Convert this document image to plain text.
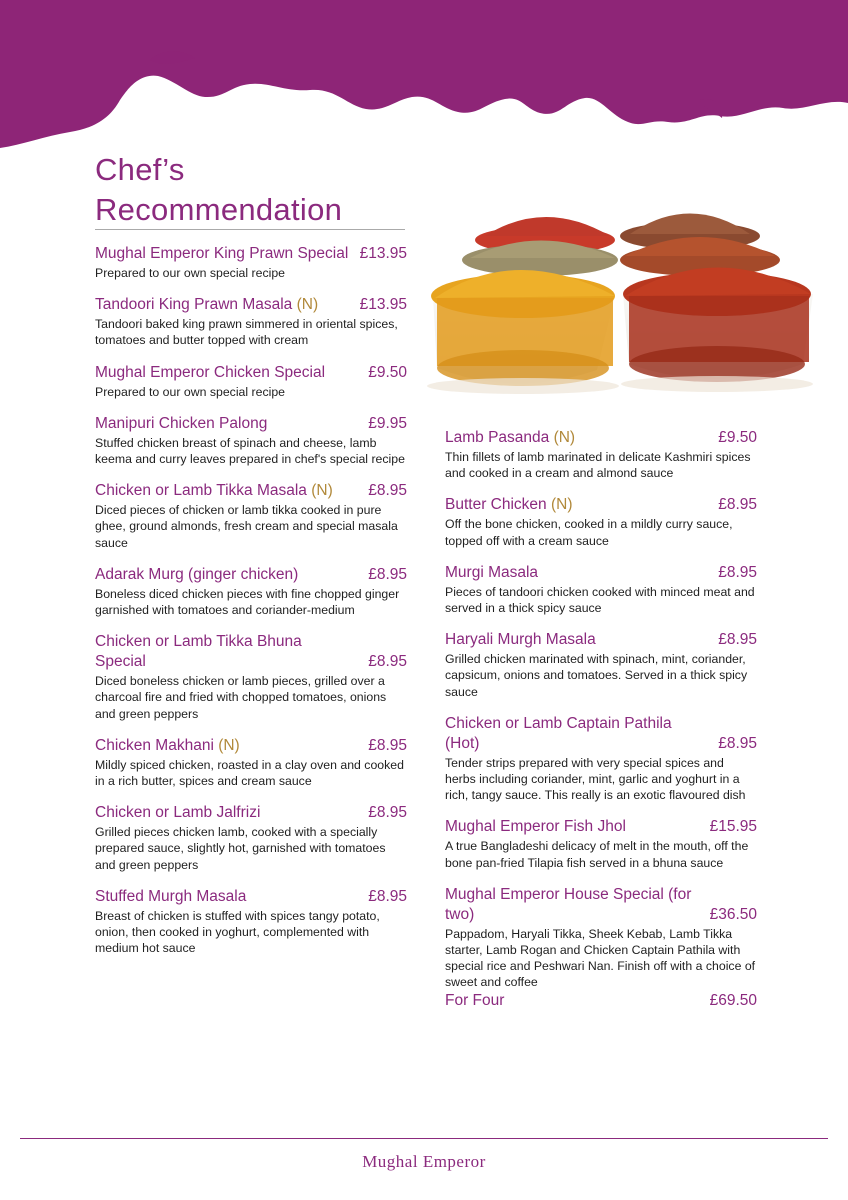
Chef’s
Recommendation
Mughal Emperor King Prawn Special
Prepared to our own special recipe
£13.95
Tandoori King Prawn Masala (N)
Tandoori baked king prawn simmered in oriental spices, tomatoes and butter topped with cream
£13.95
Mughal Emperor Chicken Special
Prepared to our own special recipe
£9.50
Manipuri Chicken Palong
Stuffed chicken breast of spinach and cheese, lamb keema and curry leaves prepared in chef's special recipe
£9.95
Chicken or Lamb Tikka Masala (N)
Diced pieces of chicken or lamb tikka cooked in pure ghee, ground almonds, fresh cream and special masala sauce
£8.95
Adarak Murg (ginger chicken)
Boneless diced chicken pieces with fine chopped ginger garnished with tomatoes and coriander-medium
£8.95
Chicken or Lamb Tikka Bhuna Special
Diced boneless chicken or lamb pieces, grilled over a charcoal fire and fried with chopped tomatoes, onions and green peppers
£8.95
Chicken Makhani (N)
Mildly spiced chicken, roasted in a clay oven and cooked in a rich butter, spices and cream sauce
£8.95
Chicken or Lamb Jalfrizi
Grilled pieces chicken lamb, cooked with a specially prepared sauce, slightly hot, garnished with tomatoes and green peppers
£8.95
Stuffed Murgh Masala
Breast of chicken is stuffed with spices tangy potato, onion, then cooked in yoghurt, complemented with medium hot sauce
£8.95
Lamb Pasanda (N)
Thin fillets of lamb marinated in delicate Kashmiri spices and cooked in a cream and almond sauce
£9.50
Butter Chicken (N)
Off the bone chicken, cooked in a mildly curry sauce, topped off with a cream sauce
£8.95
Murgi Masala
Pieces of tandoori chicken cooked with minced meat and served in a thick spicy sauce
£8.95
Haryali Murgh Masala
Grilled chicken marinated with spinach, mint, coriander, capsicum, onions and tomatoes. Served in a thick spicy sauce
£8.95
Chicken or Lamb Captain Pathila (Hot)
Tender strips prepared with very special spices and herbs including coriander, mint, garlic and yoghurt in a rich, tangy sauce. This really is an exotic flavoured dish
£8.95
Mughal Emperor Fish Jhol
A true Bangladeshi delicacy of melt in the mouth, off the bone pan-fried Tilapia fish served in a bhuna sauce
£15.95
Mughal Emperor House Special (for two)
Pappadom, Haryali Tikka, Sheek Kebab, Lamb Tikka starter, Lamb Rogan and Chicken Captain Pathila with special rice and Peshwari Nan. Finish off with a choice of sweet and coffee
£36.50
For Four	£69.50
Mughal Emperor
